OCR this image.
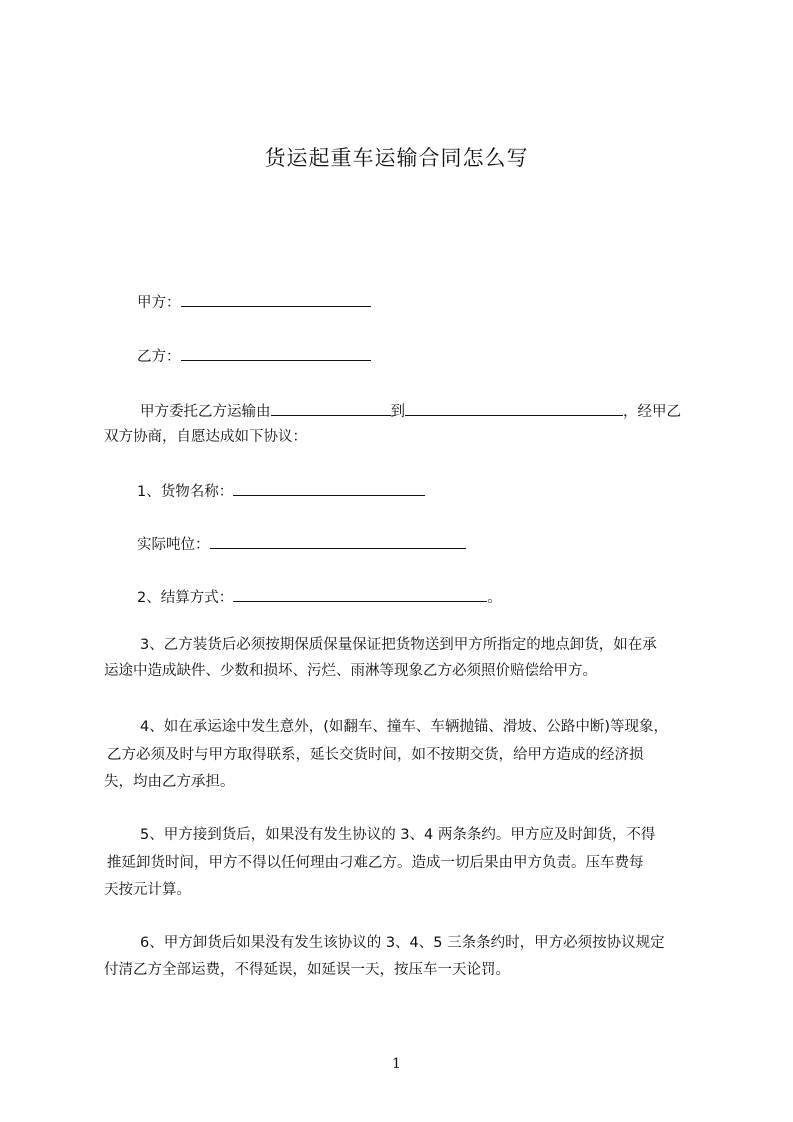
货运起重车运输合同怎么写
甲方：
乙方：
甲方委托乙方运输由	到	，经甲乙
双方协商，自愿达成如下协议：
1、货物名称：
实际吨位：
2、结算方式：	。
3、乙方装货后必须按期保质保量保证把货物送到甲方所指定的地点卸货，如在承
运途中造成缺件、少数和损坏、污烂、雨淋等现象乙方必须照价赔偿给甲方。
4、如在承运途中发生意外，(如翻车、撞车、车辆抛锚、滑坡、公路中断)等现象，
乙方必须及时与甲方取得联系，延长交货时间，如不按期交货，给甲方造成的经济损
失，均由乙方承担。
5、甲方接到货后，如果没有发生协议的 3、4 两条条约。甲方应及时卸货，不得
推延卸货时间，甲方不得以任何理由刁难乙方。造成一切后果由甲方负责。压车费每
天按元计算。
6、甲方卸货后如果没有发生该协议的 3、4、5 三条条约时，甲方必须按协议规定
付清乙方全部运费，不得延误，如延误一天，按压车一天论罚。
1
